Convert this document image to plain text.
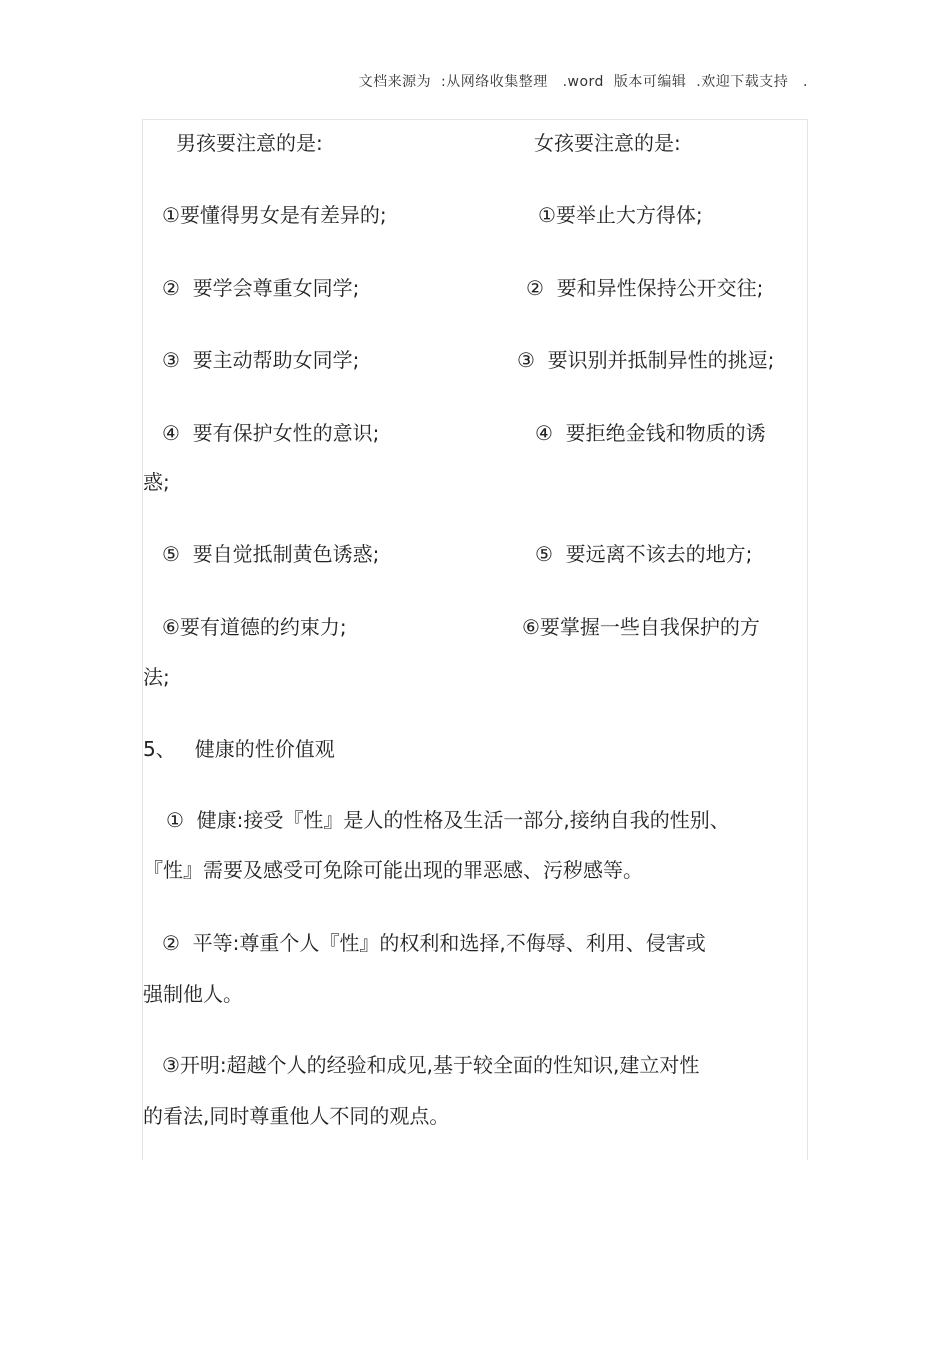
文档来源为  :从网络收集整理   .word  版本可编辑  .欢迎下载支持   .
男孩要注意的是:	女孩要注意的是:
①要懂得男女是有差异的;	①要举止大方得体;
②  要学会尊重女同学;	②  要和异性保持公开交往;
③  要主动帮助女同学;	③  要识别并抵制异性的挑逗;
④  要有保护女性的意识;	④  要拒绝金钱和物质的诱
惑;
⑤  要自觉抵制黄色诱惑;	⑤  要远离不该去的地方;
⑥要有道德的约束力;	⑥要掌握一些自我保护的方
法;
5、   健康的性价值观
①  健康:接受『性』是人的性格及生活一部分,接纳自我的性别、
『性』需要及感受可免除可能出现的罪恶感、污秽感等。
②  平等:尊重个人『性』的权利和选择,不侮辱、利用、侵害或
强制他人。
③开明:超越个人的经验和成见,基于较全面的性知识,建立对性
的看法,同时尊重他人不同的观点。
